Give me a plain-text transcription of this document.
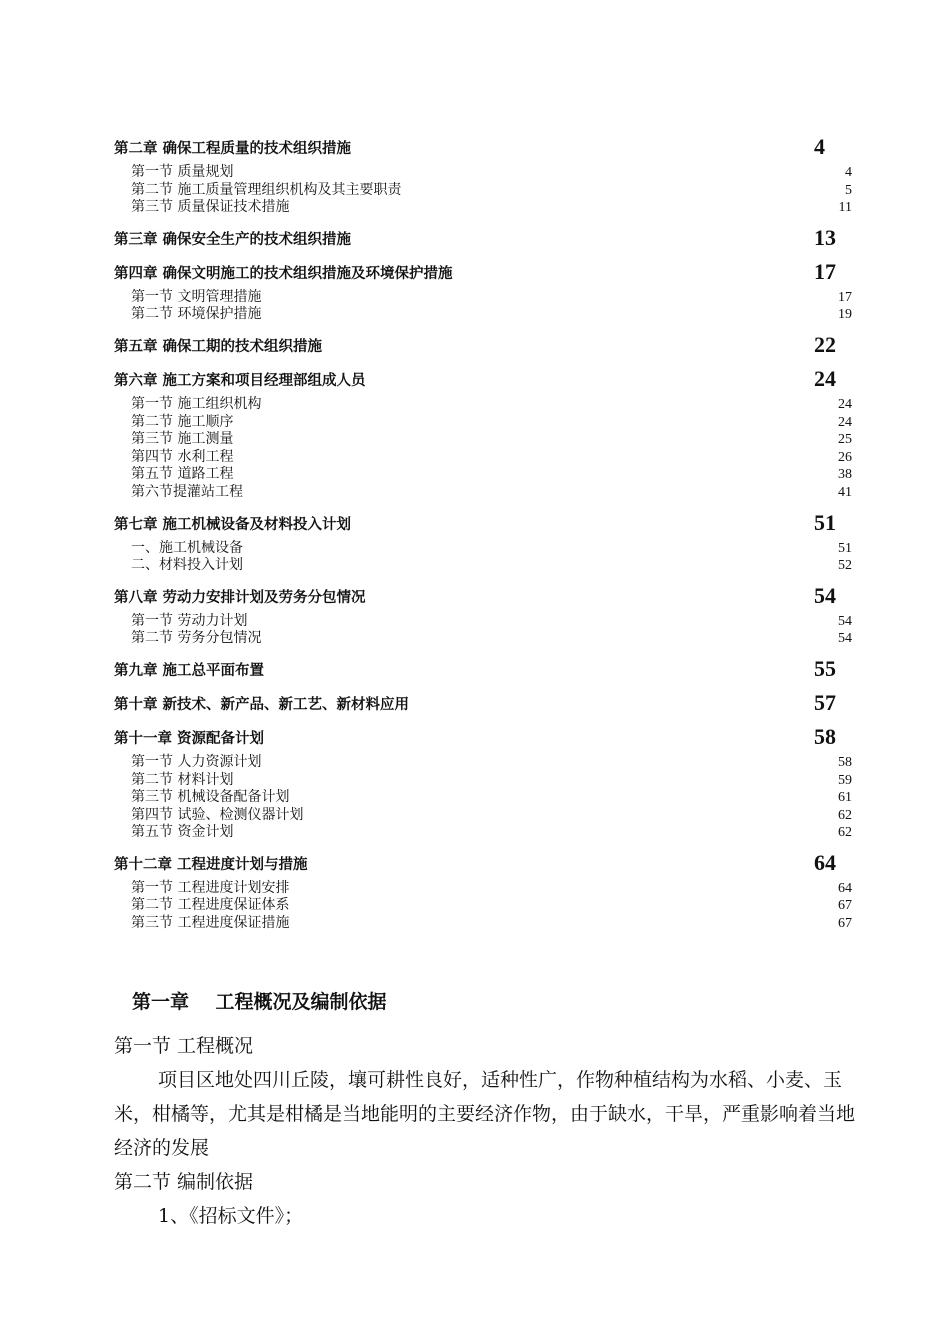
第二章 确保工程质量的技术组织措施	4
第一节 质量规划	4
第二节 施工质量管理组织机构及其主要职责	5
第三节 质量保证技术措施	11
第三章 确保安全生产的技术组织措施	13
第四章 确保文明施工的技术组织措施及环境保护措施	17
第一节 文明管理措施	17
第二节 环境保护措施	19
第五章 确保工期的技术组织措施	22
第六章 施工方案和项目经理部组成人员	24
第一节 施工组织机构	24
第二节 施工顺序	24
第三节 施工测量	25
第四节 水利工程	26
第五节 道路工程	38
第六节提灌站工程	41
第七章 施工机械设备及材料投入计划	51
一、施工机械设备	51
二、材料投入计划	52
第八章 劳动力安排计划及劳务分包情况	54
第一节 劳动力计划	54
第二节 劳务分包情况	54
第九章 施工总平面布置	55
第十章 新技术、新产品、新工艺、新材料应用	57
第十一章 资源配备计划	58
第一节 人力资源计划	58
第二节 材料计划	59
第三节 机械设备配备计划	61
第四节 试验、检测仪器计划	62
第五节 资金计划	62
第十二章 工程进度计划与措施	64
第一节 工程进度计划安排	64
第二节 工程进度保证体系	67
第三节 工程进度保证措施	67
第一章    工程概况及编制依据
第一节 工程概况

项目区地处四川丘陵，壤可耕性良好，适种性广，作物种植结构为水稻、小麦、玉米，柑橘等，尤其是柑橘是当地能明的主要经济作物，由于缺水，干旱，严重影响着当地经济的发展

第二节 编制依据
1、《招标文件》；
